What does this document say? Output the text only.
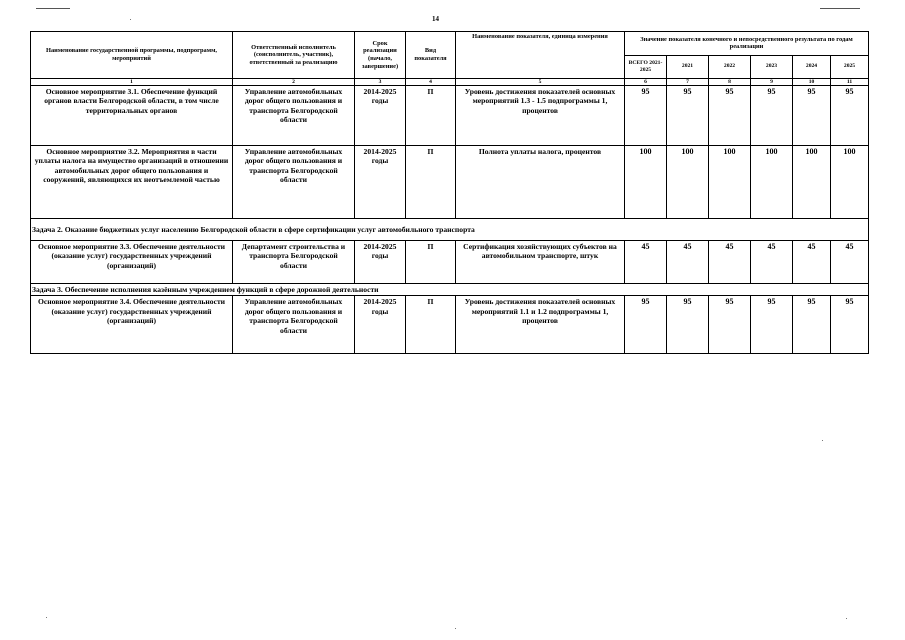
14
Наименование государственной программы, подпрограмм, мероприятий	Ответственный исполнитель (соисполнитель, участник), ответственный за реализацию	Срок реализации (начало, завершение)	Вид показателя	Наименование показателя, единица измерения	Значение показателя конечного и непосредственного результата по годам реализации					
					ВСЕГО 2021-2025	2021	2022	2023	2024	2025
1	2	3	4	5	6	7	8	9	10	11
Основное мероприятие 3.1. Обеспечение функций органов власти Белгородской области, в том числе территориальных органов	Управление автомобильных дорог общего пользования и транспорта Белгородской области	2014-2025 годы	П	Уровень достижения показателей основных мероприятий 1.3 - 1.5 подпрограммы 1, процентов	95	95	95	95	95	95
Основное мероприятие 3.2. Мероприятия в части уплаты налога на имущество организаций в отношении автомобильных дорог общего пользования и сооружений, являющихся их неотъемлемой частью	Управление автомобильных дорог общего пользования и транспорта Белгородской области	2014-2025 годы	П	Полнота уплаты налога, процентов	100	100	100	100	100	100
Задача 2. Оказание бюджетных услуг населению Белгородской области в сфере сертификации услуг автомобильного транспорта										
Основное мероприятие 3.3. Обеспечение деятельности (оказание услуг) государственных учреждений (организаций)	Департамент строительства и транспорта Белгородской области	2014-2025 годы	П	Сертификация хозяйствующих субъектов на автомобильном транспорте, штук	45	45	45	45	45	45
Задача 3. Обеспечение исполнения казённым учреждением функций в сфере дорожной деятельности										
Основное мероприятие 3.4. Обеспечение деятельности (оказание услуг) государственных учреждений (организаций)	Управление автомобильных дорог общего пользования и транспорта Белгородской области	2014-2025 годы	П	Уровень достижения показателей основных мероприятий 1.1 и 1.2 подпрограммы 1, процентов	95	95	95	95	95	95
